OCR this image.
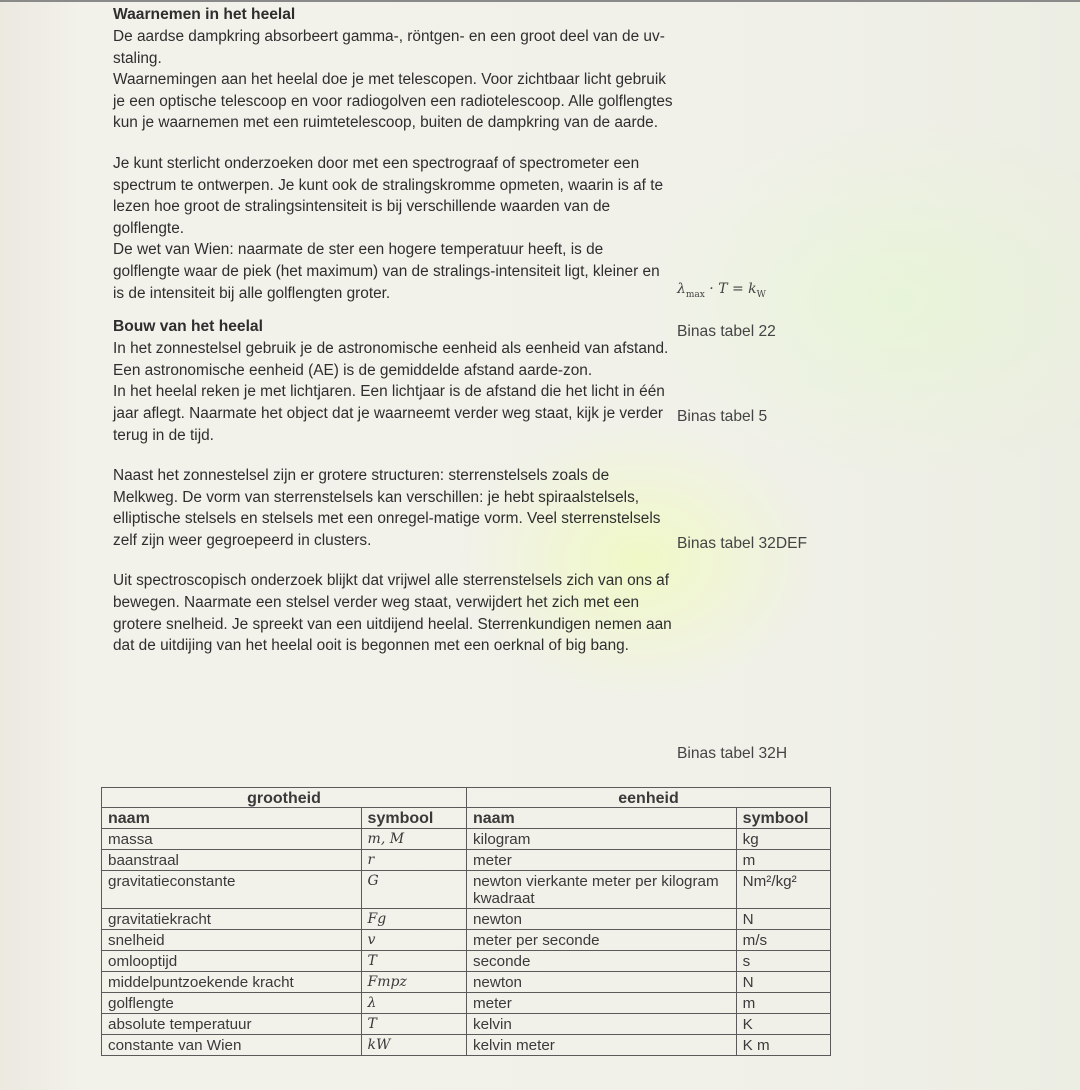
Waarnemen in het heelal

De aardse dampkring absorbeert gamma-, röntgen- en een groot deel van de uv-staling.

Waarnemingen aan het heelal doe je met telescopen. Voor zichtbaar licht gebruik je een optische telescoop en voor radiogolven een radiotelescoop. Alle golflengtes kun je waarnemen met een ruimtetelescoop, buiten de dampkring van de aarde.

Je kunt sterlicht onderzoeken door met een spectrograaf of spectrometer een spectrum te ontwerpen. Je kunt ook de stralingskromme opmeten, waarin is af te lezen hoe groot de stralingsintensiteit is bij verschillende waarden van de golflengte.

De wet van Wien: naarmate de ster een hogere temperatuur heeft, is de golflengte waar de piek (het maximum) van de stralings-intensiteit ligt, kleiner en is de intensiteit bij alle golflengten groter.

Bouw van het heelal

In het zonnestelsel gebruik je de astronomische eenheid als eenheid van afstand. Een astronomische eenheid (AE) is de gemiddelde afstand aarde-zon.

In het heelal reken je met lichtjaren. Een lichtjaar is de afstand die het licht in één jaar aflegt. Naarmate het object dat je waarneemt verder weg staat, kijk je verder terug in de tijd.

Naast het zonnestelsel zijn er grotere structuren: sterrenstelsels zoals de Melkweg. De vorm van sterrenstelsels kan verschillen: je hebt spiraalstelsels, elliptische stelsels en stelsels met een onregel-matige vorm. Veel sterrenstelsels zelf zijn weer gegroepeerd in clusters.

Uit spectroscopisch onderzoek blijkt dat vrijwel alle sterrenstelsels zich van ons af bewegen. Naarmate een stelsel verder weg staat, verwijdert het zich met een grotere snelheid. Je spreekt van een uitdijend heelal. Sterrenkundigen nemen aan dat de uitdijing van het heelal ooit is begonnen met een oerknal of big bang.

$\lambda_{max} \cdot T = k_W$
Binas tabel 22
Binas tabel 5
Binas tabel 32DEF
Binas tabel 32H
grootheid		eenheid	
naam	symbool	naam	symbool
massa	m, M	kilogram	kg
baanstraal	r	meter	m
gravitatieconstante	G	newton vierkante meter per kilogram kwadraat	Nm²/kg²
gravitatiekracht	Fg	newton	N
snelheid	v	meter per seconde	m/s
omlooptijd	T	seconde	s
middelpuntzoekende kracht	Fmpz	newton	N
golflengte	λ	meter	m
absolute temperatuur	T	kelvin	K
constante van Wien	kW	kelvin meter	K m
